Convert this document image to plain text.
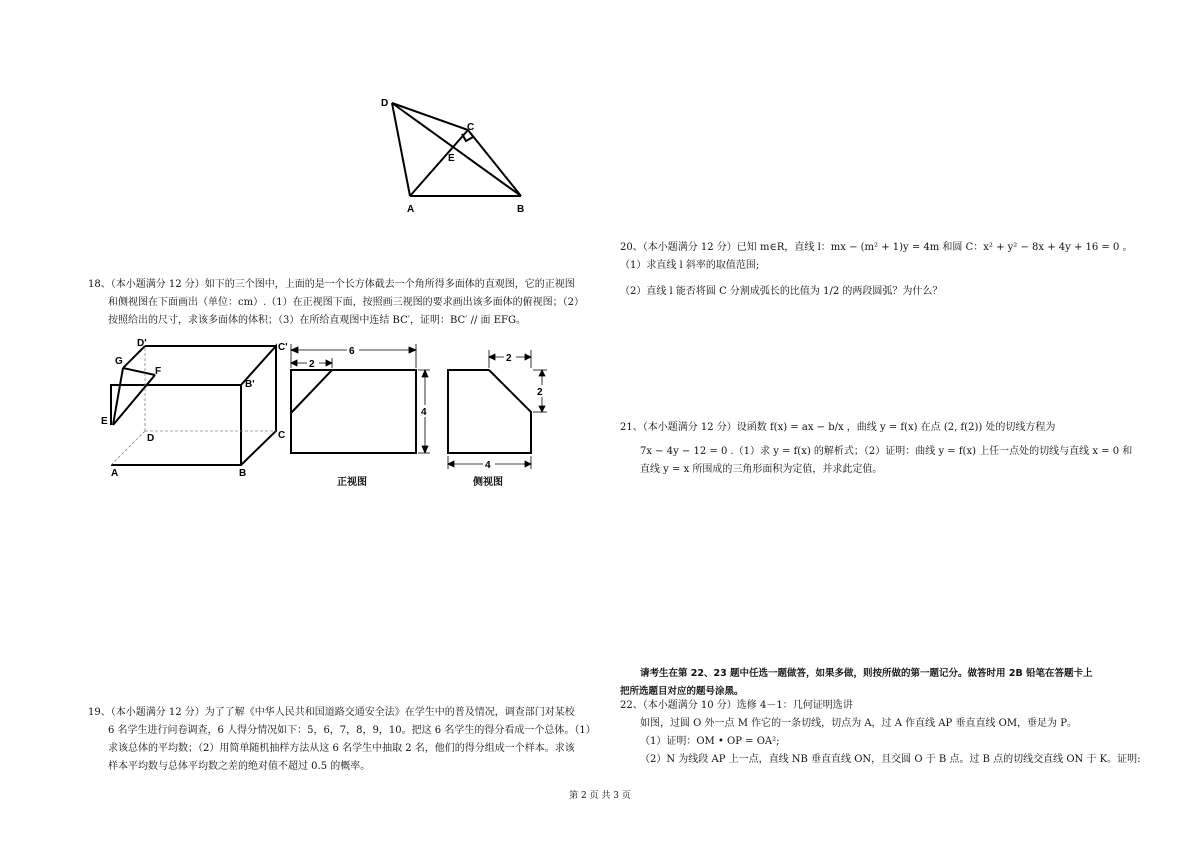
D
C
E
A	B
20、（本小题满分 12 分）已知 m∈R，直线 l：mx − (m² + 1)y = 4m 和圆 C：x² + y² − 8x + 4y + 16 = 0 。
（1）求直线 l 斜率的取值范围;
（2）直线 l 能否将圆 C 分割成弧长的比值为 1/2 的两段圆弧？为什么？
18、（本小题满分 12 分）如下的三个图中，上面的是一个长方体截去一个角所得多面体的直观图，它的正视图
和侧视图在下面画出（单位：cm）.（1）在正视图下面，按照画三视图的要求画出该多面体的俯视图；（2）
按照给出的尺寸，求该多面体的体积；（3）在所给直观图中连结 BC′，证明：BC′ // 面 EFG。
D'	C'
G
F
B'
E
D	C
A	B
6
2
4
正视图
2
2
4
侧视图
21、（本小题满分 12 分）设函数 f(x) = ax − b/x ，曲线 y = f(x) 在点 (2, f(2)) 处的切线方程为
7x − 4y − 12 = 0 .（1）求 y = f(x) 的解析式；（2）证明：曲线 y = f(x) 上任一点处的切线与直线 x = 0 和
直线 y = x 所围成的三角形面积为定值，并求此定值。
请考生在第 22、23 题中任选一题做答，如果多做，则按所做的第一题记分。做答时用 2B 铅笔在答题卡上
把所选题目对应的题号涂黑。
22、（本小题满分 10 分）选修 4－1：几何证明选讲
如图，过圆 O 外一点 M 作它的一条切线，切点为 A，过 A 作直线 AP 垂直直线 OM，垂足为 P。
（1）证明：OM • OP = OA²;
（2）N 为线段 AP 上一点，直线 NB 垂直直线 ON，且交圆 O 于 B 点。过 B 点的切线交直线 ON 于 K。证明:
19、（本小题满分 12 分）为了了解《中华人民共和国道路交通安全法》在学生中的普及情况，调查部门对某校
6 名学生进行问卷调查，6 人得分情况如下：5，6，7，8，9，10。把这 6 名学生的得分看成一个总体。（1）
求该总体的平均数；（2）用简单随机抽样方法从这 6 名学生中抽取 2 名，他们的得分组成一个样本。求该
样本平均数与总体平均数之差的绝对值不超过 0.5 的概率。
第 2 页 共 3 页
